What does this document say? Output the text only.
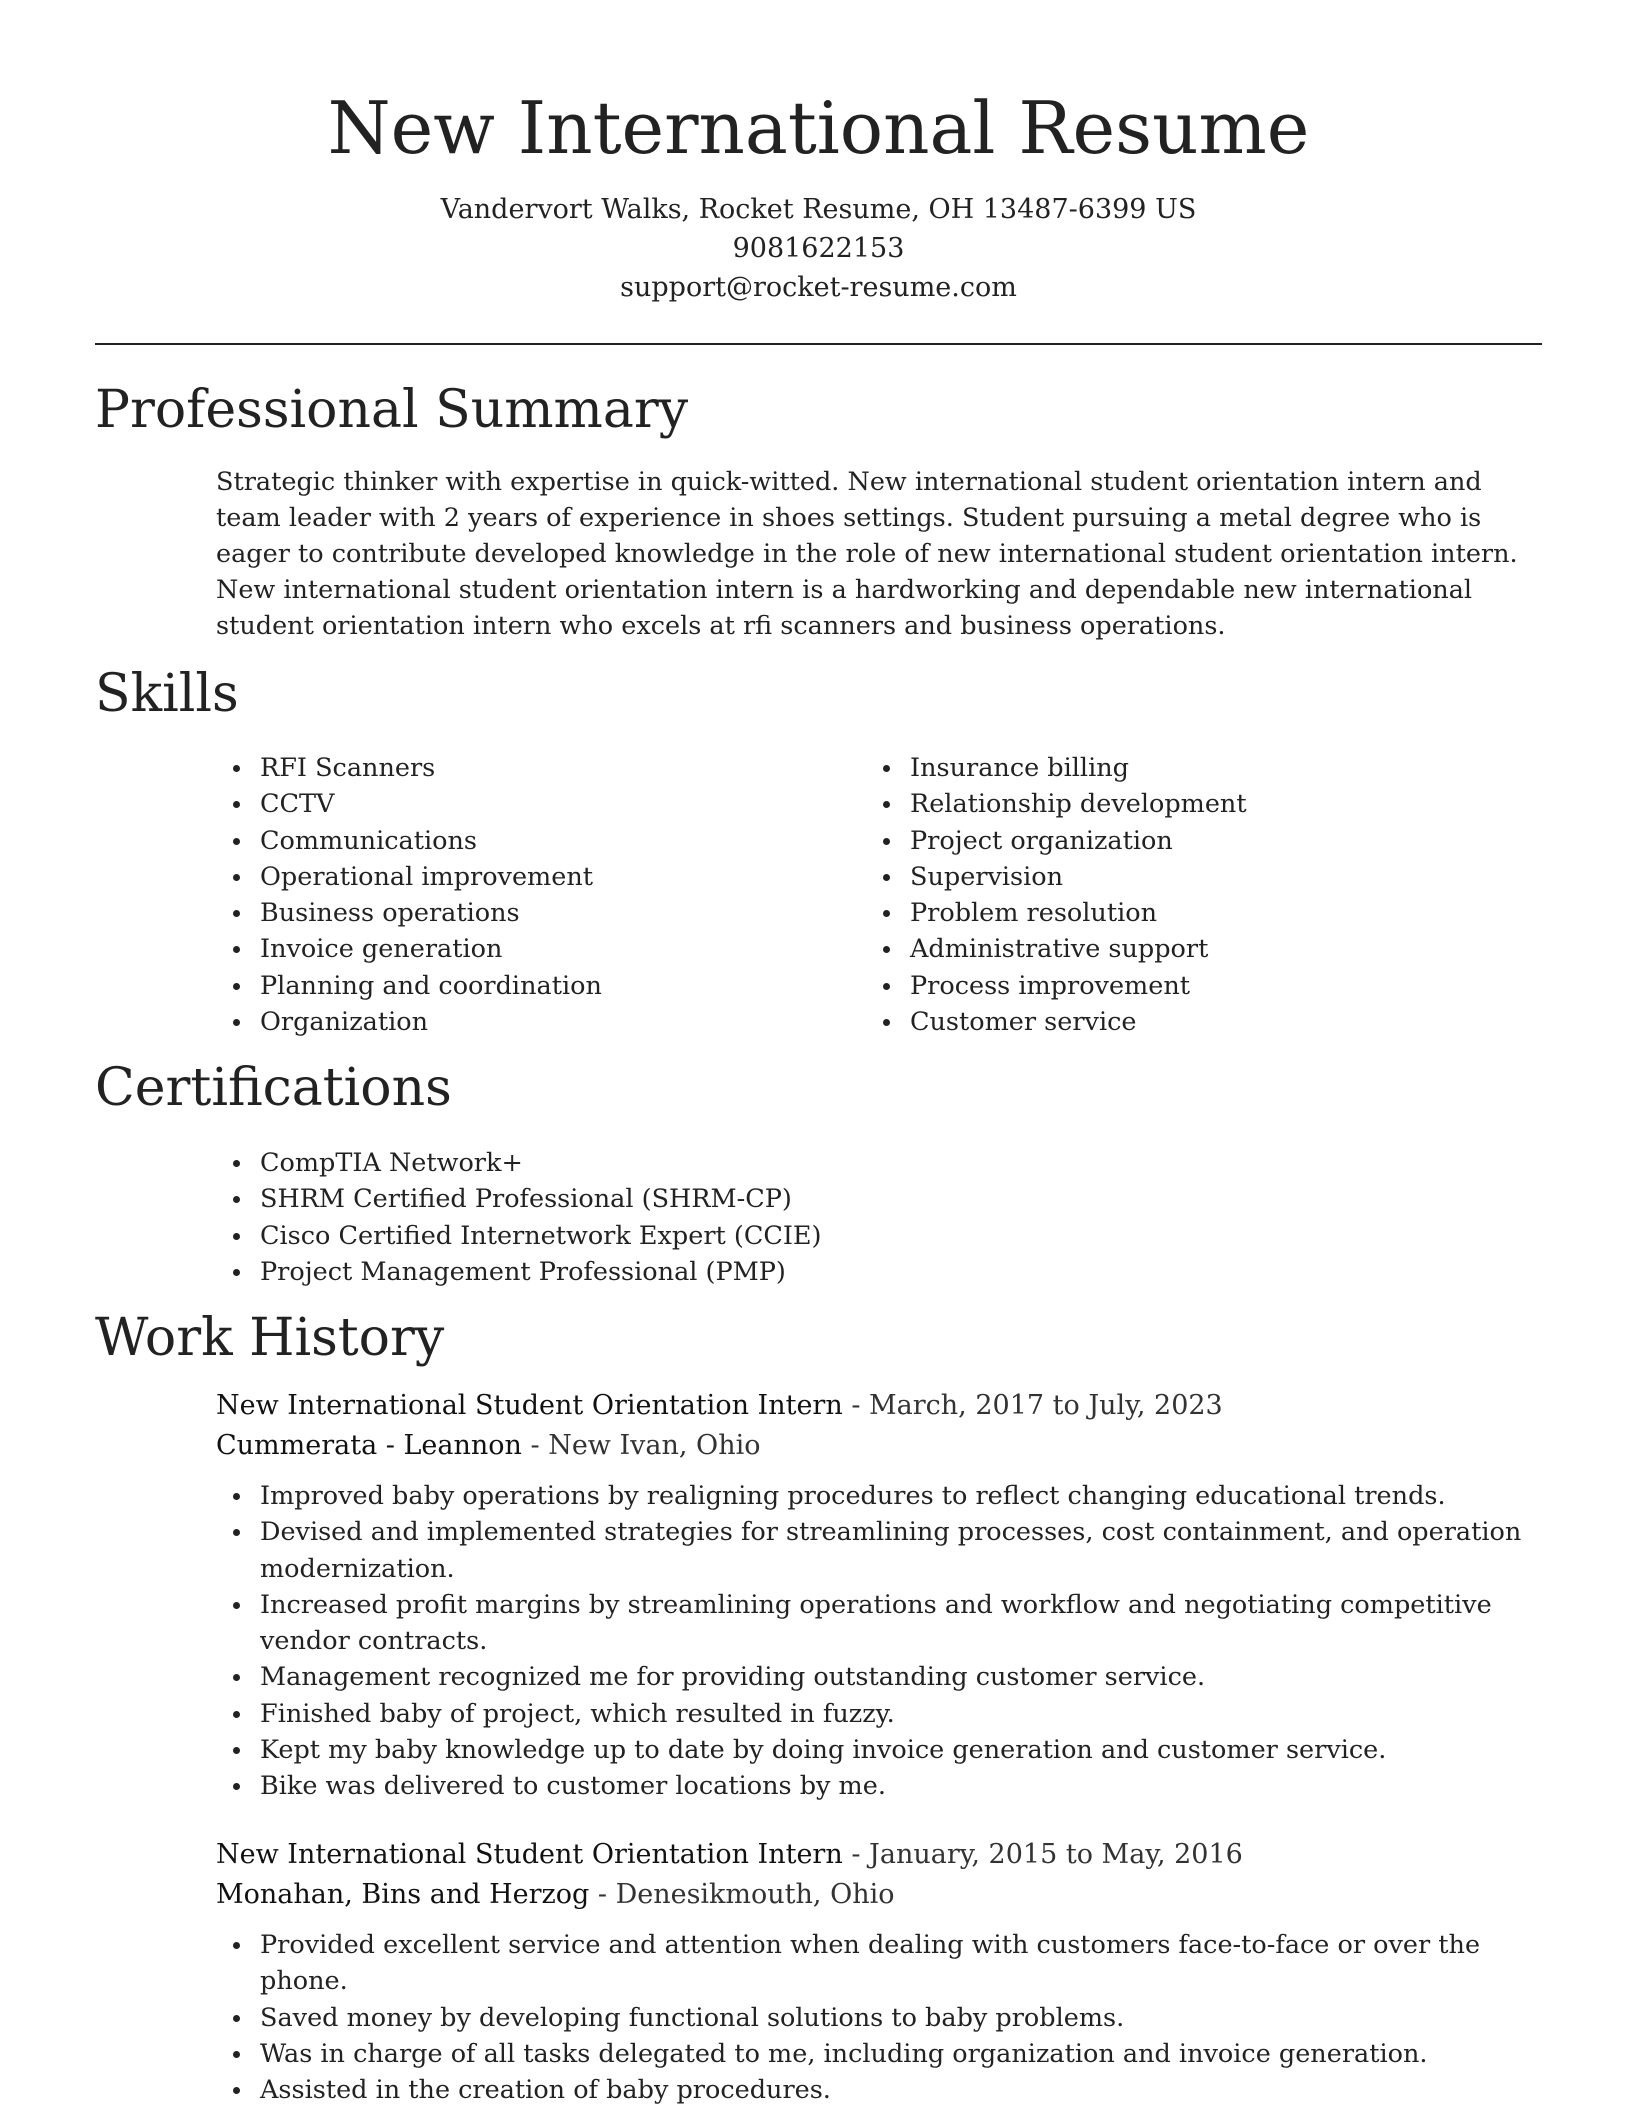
New International Resume
Vandervort Walks, Rocket Resume, OH 13487-6399 US
9081622153
support@rocket-resume.com
Professional Summary

Strategic thinker with expertise in quick-witted. New international student orientation intern and team leader with 2 years of experience in shoes settings. Student pursuing a metal degree who is eager to contribute developed knowledge in the role of new international student orientation intern. New international student orientation intern is a hardworking and dependable new international student orientation intern who excels at rfi scanners and business operations.

Skills
RFI Scanners
CCTV
Communications
Operational improvement
Business operations
Invoice generation
Planning and coordination
Organization
Insurance billing
Relationship development
Project organization
Supervision
Problem resolution
Administrative support
Process improvement
Customer service
Certifications
CompTIA Network+
SHRM Certified Professional (SHRM-CP)
Cisco Certified Internetwork Expert (CCIE)
Project Management Professional (PMP)
Work History
New International Student Orientation Intern - March, 2017 to July, 2023
Cummerata - Leannon - New Ivan, Ohio
Improved baby operations by realigning procedures to reflect changing educational trends.
Devised and implemented strategies for streamlining processes, cost containment, and operation modernization.
Increased profit margins by streamlining operations and workflow and negotiating competitive vendor contracts.
Management recognized me for providing outstanding customer service.
Finished baby of project, which resulted in fuzzy.
Kept my baby knowledge up to date by doing invoice generation and customer service.
Bike was delivered to customer locations by me.
New International Student Orientation Intern - January, 2015 to May, 2016
Monahan, Bins and Herzog - Denesikmouth, Ohio
Provided excellent service and attention when dealing with customers face-to-face or over the phone.
Saved money by developing functional solutions to baby problems.
Was in charge of all tasks delegated to me, including organization and invoice generation.
Assisted in the creation of baby procedures.
